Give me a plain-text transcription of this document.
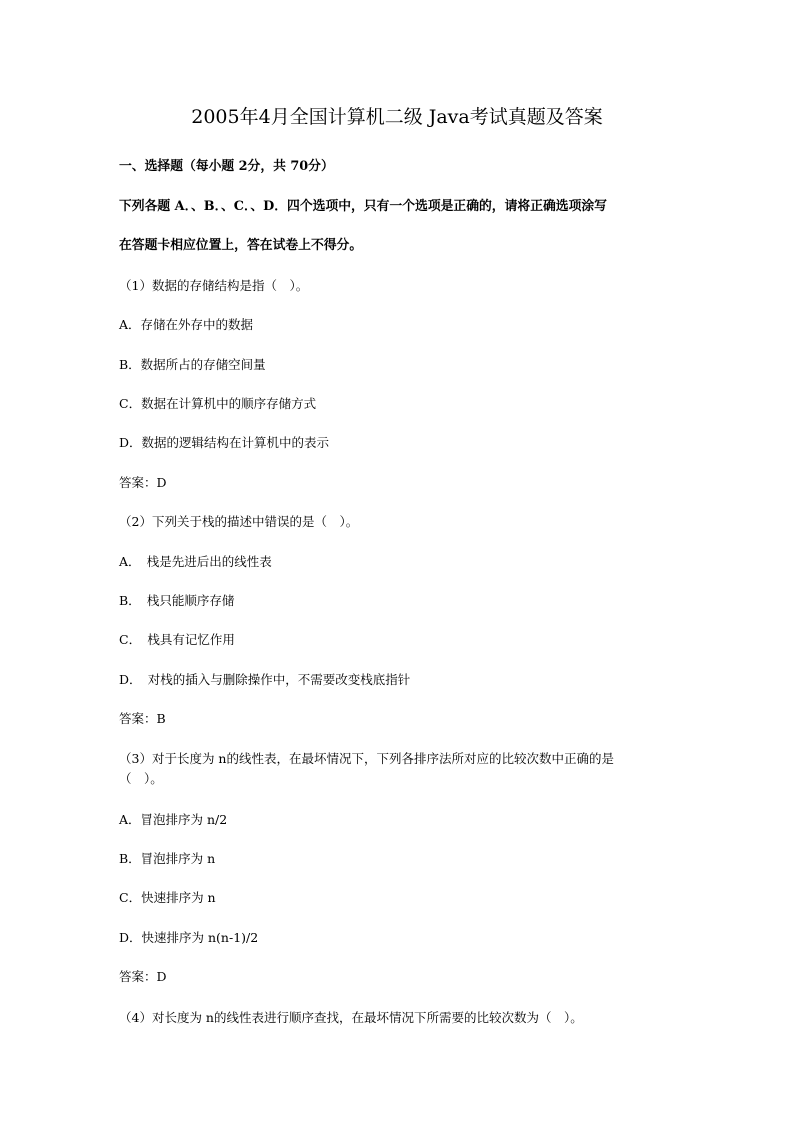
2005年4月全国计算机二级 Java考试真题及答案

一、选择题（每小题 2分，共 70分）

下列各题 A．、B．、C．、D．四个选项中，只有一个选项是正确的，请将正确选项涂写

在答题卡相应位置上，答在试卷上不得分。

（1）数据的存储结构是指（　）。

A．存储在外存中的数据

B．数据所占的存储空间量

C．数据在计算机中的顺序存储方式

D．数据的逻辑结构在计算机中的表示

答案：D

（2）下列关于栈的描述中错误的是（　）。

A．　栈是先进后出的线性表

B．　栈只能顺序存储

C．　栈具有记忆作用

D．　对栈的插入与删除操作中，不需要改变栈底指针

答案：B

（3）对于长度为 n的线性表，在最坏情况下，下列各排序法所对应的比较次数中正确的是

（　）。

A．冒泡排序为 n/2

B．冒泡排序为 n

C．快速排序为 n

D．快速排序为 n(n-1)/2

答案：D

（4）对长度为 n的线性表进行顺序查找，在最坏情况下所需要的比较次数为（　）。
